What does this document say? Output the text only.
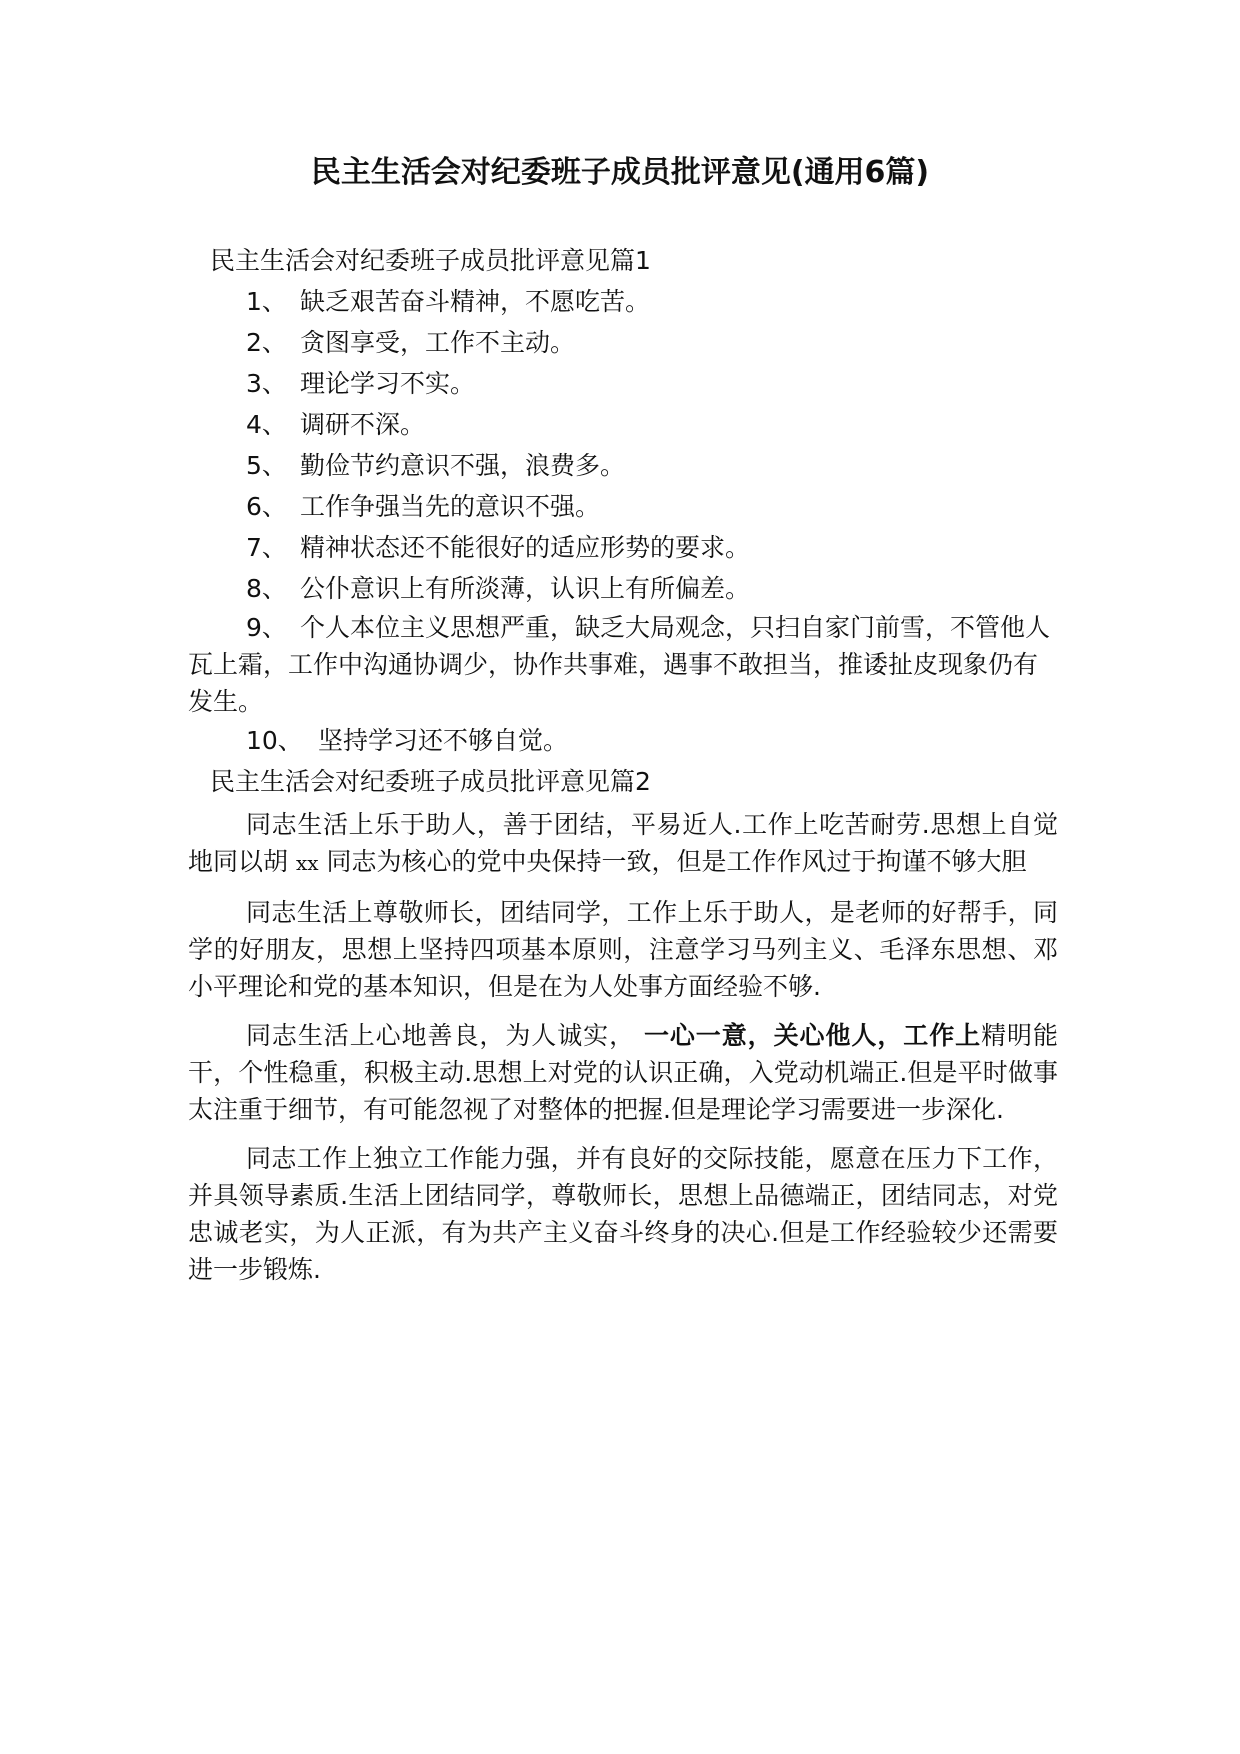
民主生活会对纪委班子成员批评意见(通用6篇)

民主生活会对纪委班子成员批评意见篇1

1、 缺乏艰苦奋斗精神，不愿吃苦。

2、 贪图享受，工作不主动。

3、 理论学习不实。

4、 调研不深。

5、 勤俭节约意识不强，浪费多。

6、 工作争强当先的意识不强。

7、 精神状态还不能很好的适应形势的要求。

8、 公仆意识上有所淡薄，认识上有所偏差。

9、 个人本位主义思想严重，缺乏大局观念，只扫自家门前雪，不管他人瓦上霜，工作中沟通协调少，协作共事难，遇事不敢担当，推诿扯皮现象仍有发生。

10、 坚持学习还不够自觉。

民主生活会对纪委班子成员批评意见篇2

同志生活上乐于助人，善于团结，平易近人.工作上吃苦耐劳.思想上自觉地同以胡 xx 同志为核心的党中央保持一致，但是工作作风过于拘谨不够大胆

同志生活上尊敬师长，团结同学，工作上乐于助人，是老师的好帮手，同学的好朋友，思想上坚持四项基本原则，注意学习马列主义、毛泽东思想、邓小平理论和党的基本知识，但是在为人处事方面经验不够.

同志生活上心地善良，为人诚实， 一心一意，关心他人，工作上精明能干，个性稳重，积极主动.思想上对党的认识正确，入党动机端正.但是平时做事太注重于细节，有可能忽视了对整体的把握.但是理论学习需要进一步深化.

同志工作上独立工作能力强，并有良好的交际技能，愿意在压力下工作，并具领导素质.生活上团结同学，尊敬师长，思想上品德端正，团结同志，对党忠诚老实，为人正派，有为共产主义奋斗终身的决心.但是工作经验较少还需要进一步锻炼.
